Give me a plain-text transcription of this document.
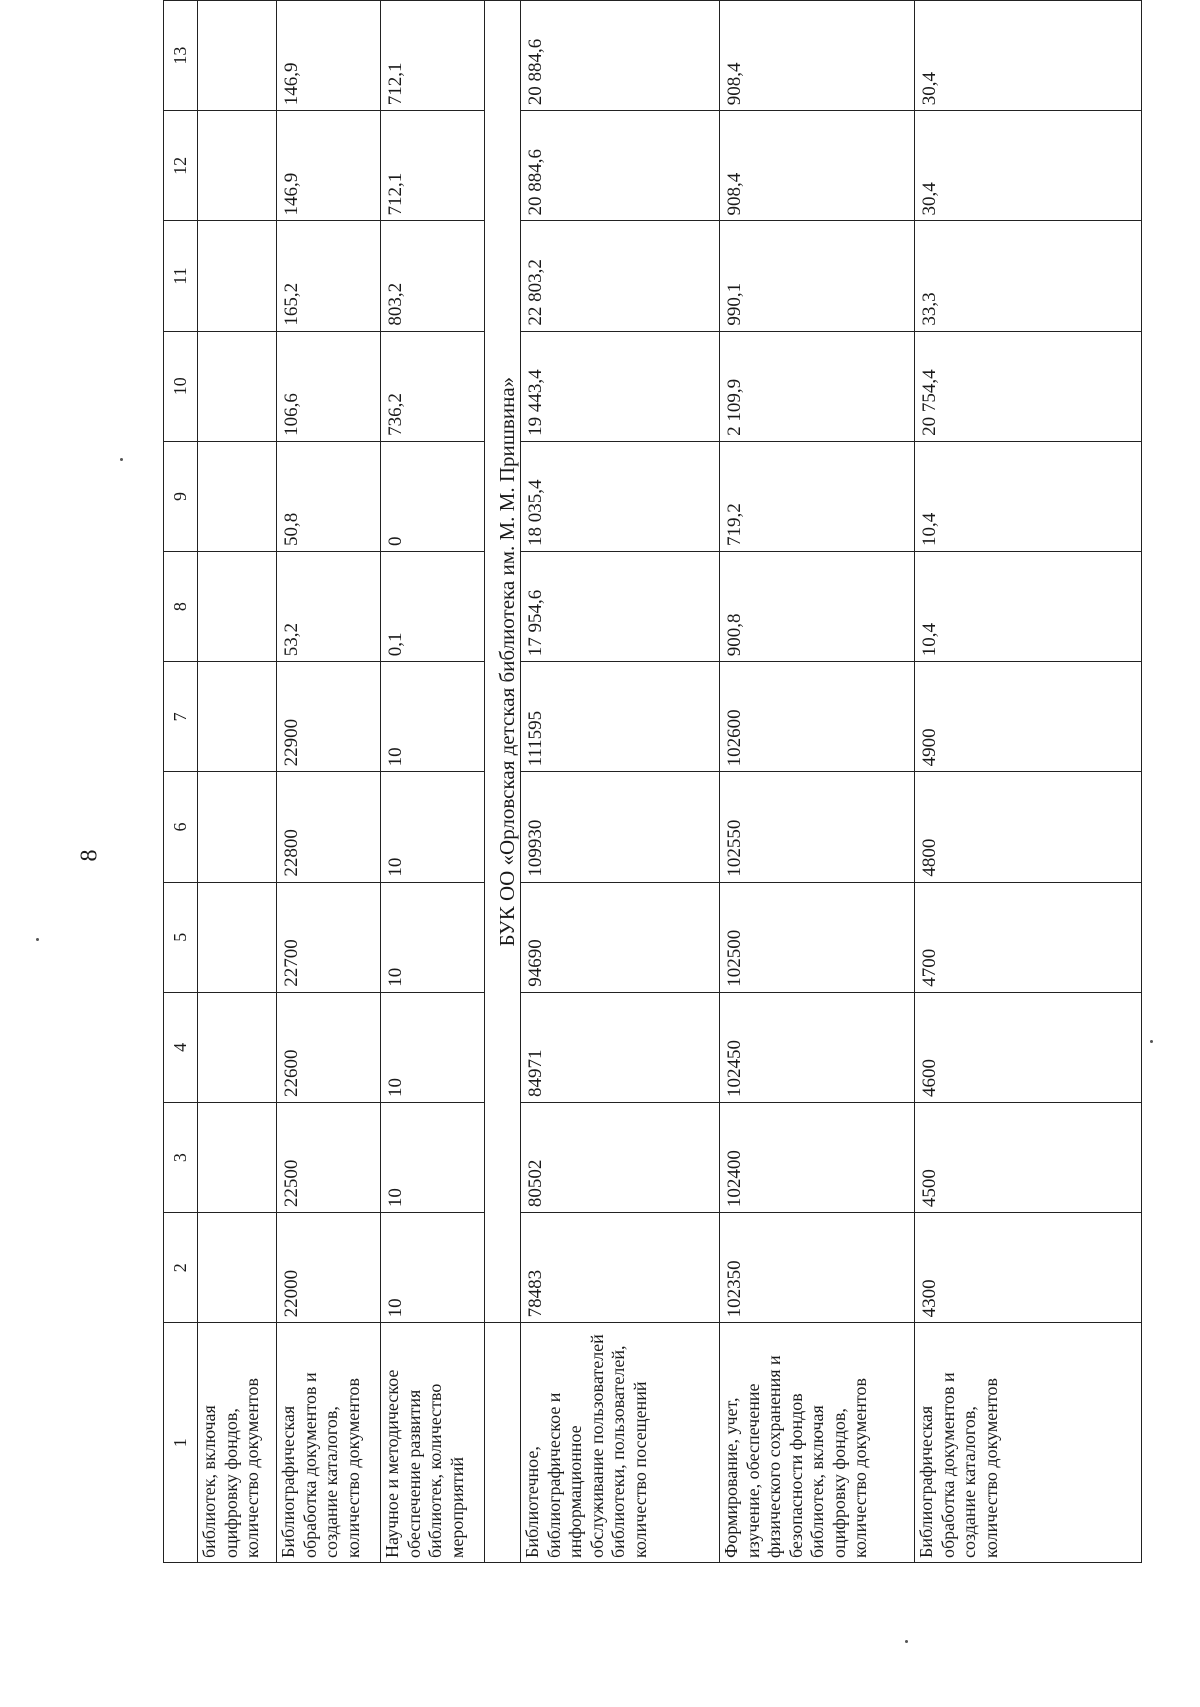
8
1	2	3	4	5	6	7	8	9	10	11	12	13
библиотек, включая оцифровку фондов, количество документов												
Библиографическая обработка документов и создание каталогов, количество документов	22000	22500	22600	22700	22800	22900	53,2	50,8	106,6	165,2	146,9	146,9
Научное и методическое обеспечение развития библиотек, количество мероприятий	10	10	10	10	10	10	0,1	0	736,2	803,2	712,1	712,1
	БУК ОО «Орловская детская библиотека им. М. М. Пришвина»											
Библиотечное, библиографическое и информационное обслуживание пользователей библиотеки, пользователей, количество посещений	78483	80502	84971	94690	109930	111595	17 954,6	18 035,4	19 443,4	22 803,2	20 884,6	20 884,6
Формирование, учет, изучение, обеспечение физического сохранения и безопасности фондов библиотек, включая оцифровку фондов, количество документов	102350	102400	102450	102500	102550	102600	900,8	719,2	2 109,9	990,1	908,4	908,4
Библиографическая обработка документов и создание каталогов, количество документов	4300	4500	4600	4700	4800	4900	10,4	10,4	20 754,4	33,3	30,4	30,4
